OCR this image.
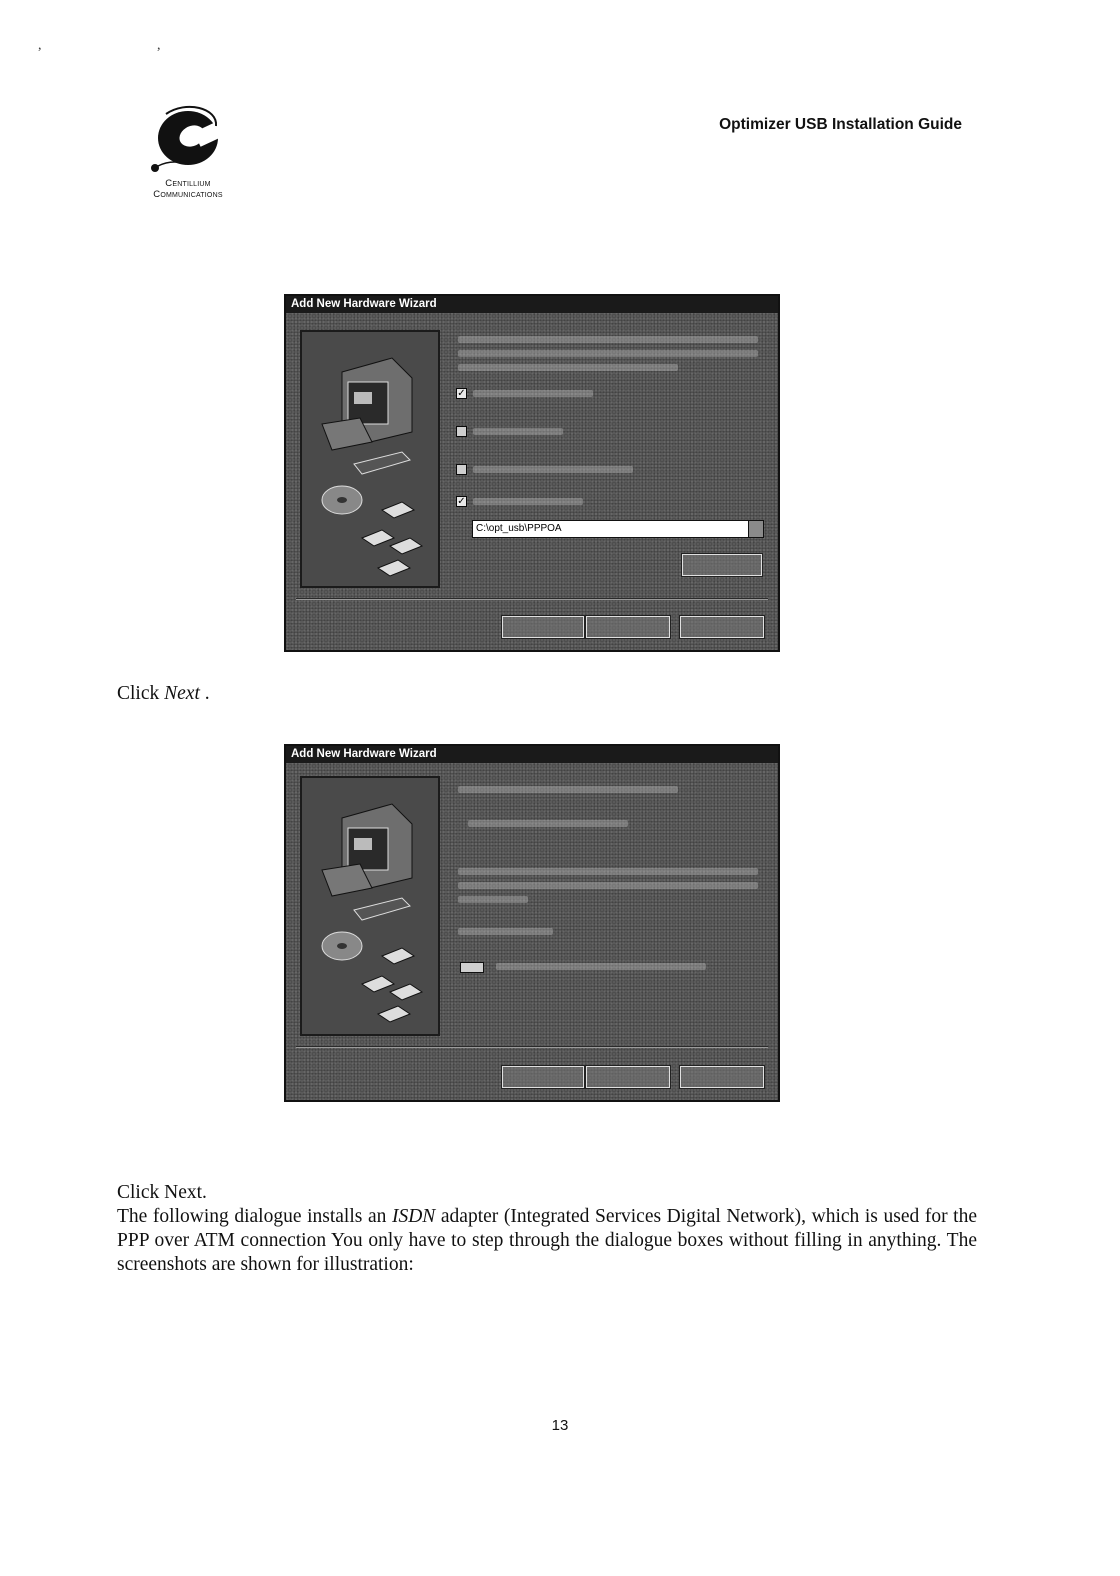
, ,
Centillium
Communications
Optimizer USB Installation Guide
Add New Hardware Wizard
✓
✓
C:\opt_usb\PPPOA
Click Next .
Add New Hardware Wizard

Click Next.

The following dialogue installs an ISDN adapter (Integrated Services Digital Network), which is used for the PPP over ATM connection You only have to step through the dialogue boxes without filling in anything. The screenshots are shown for illustration:

13
